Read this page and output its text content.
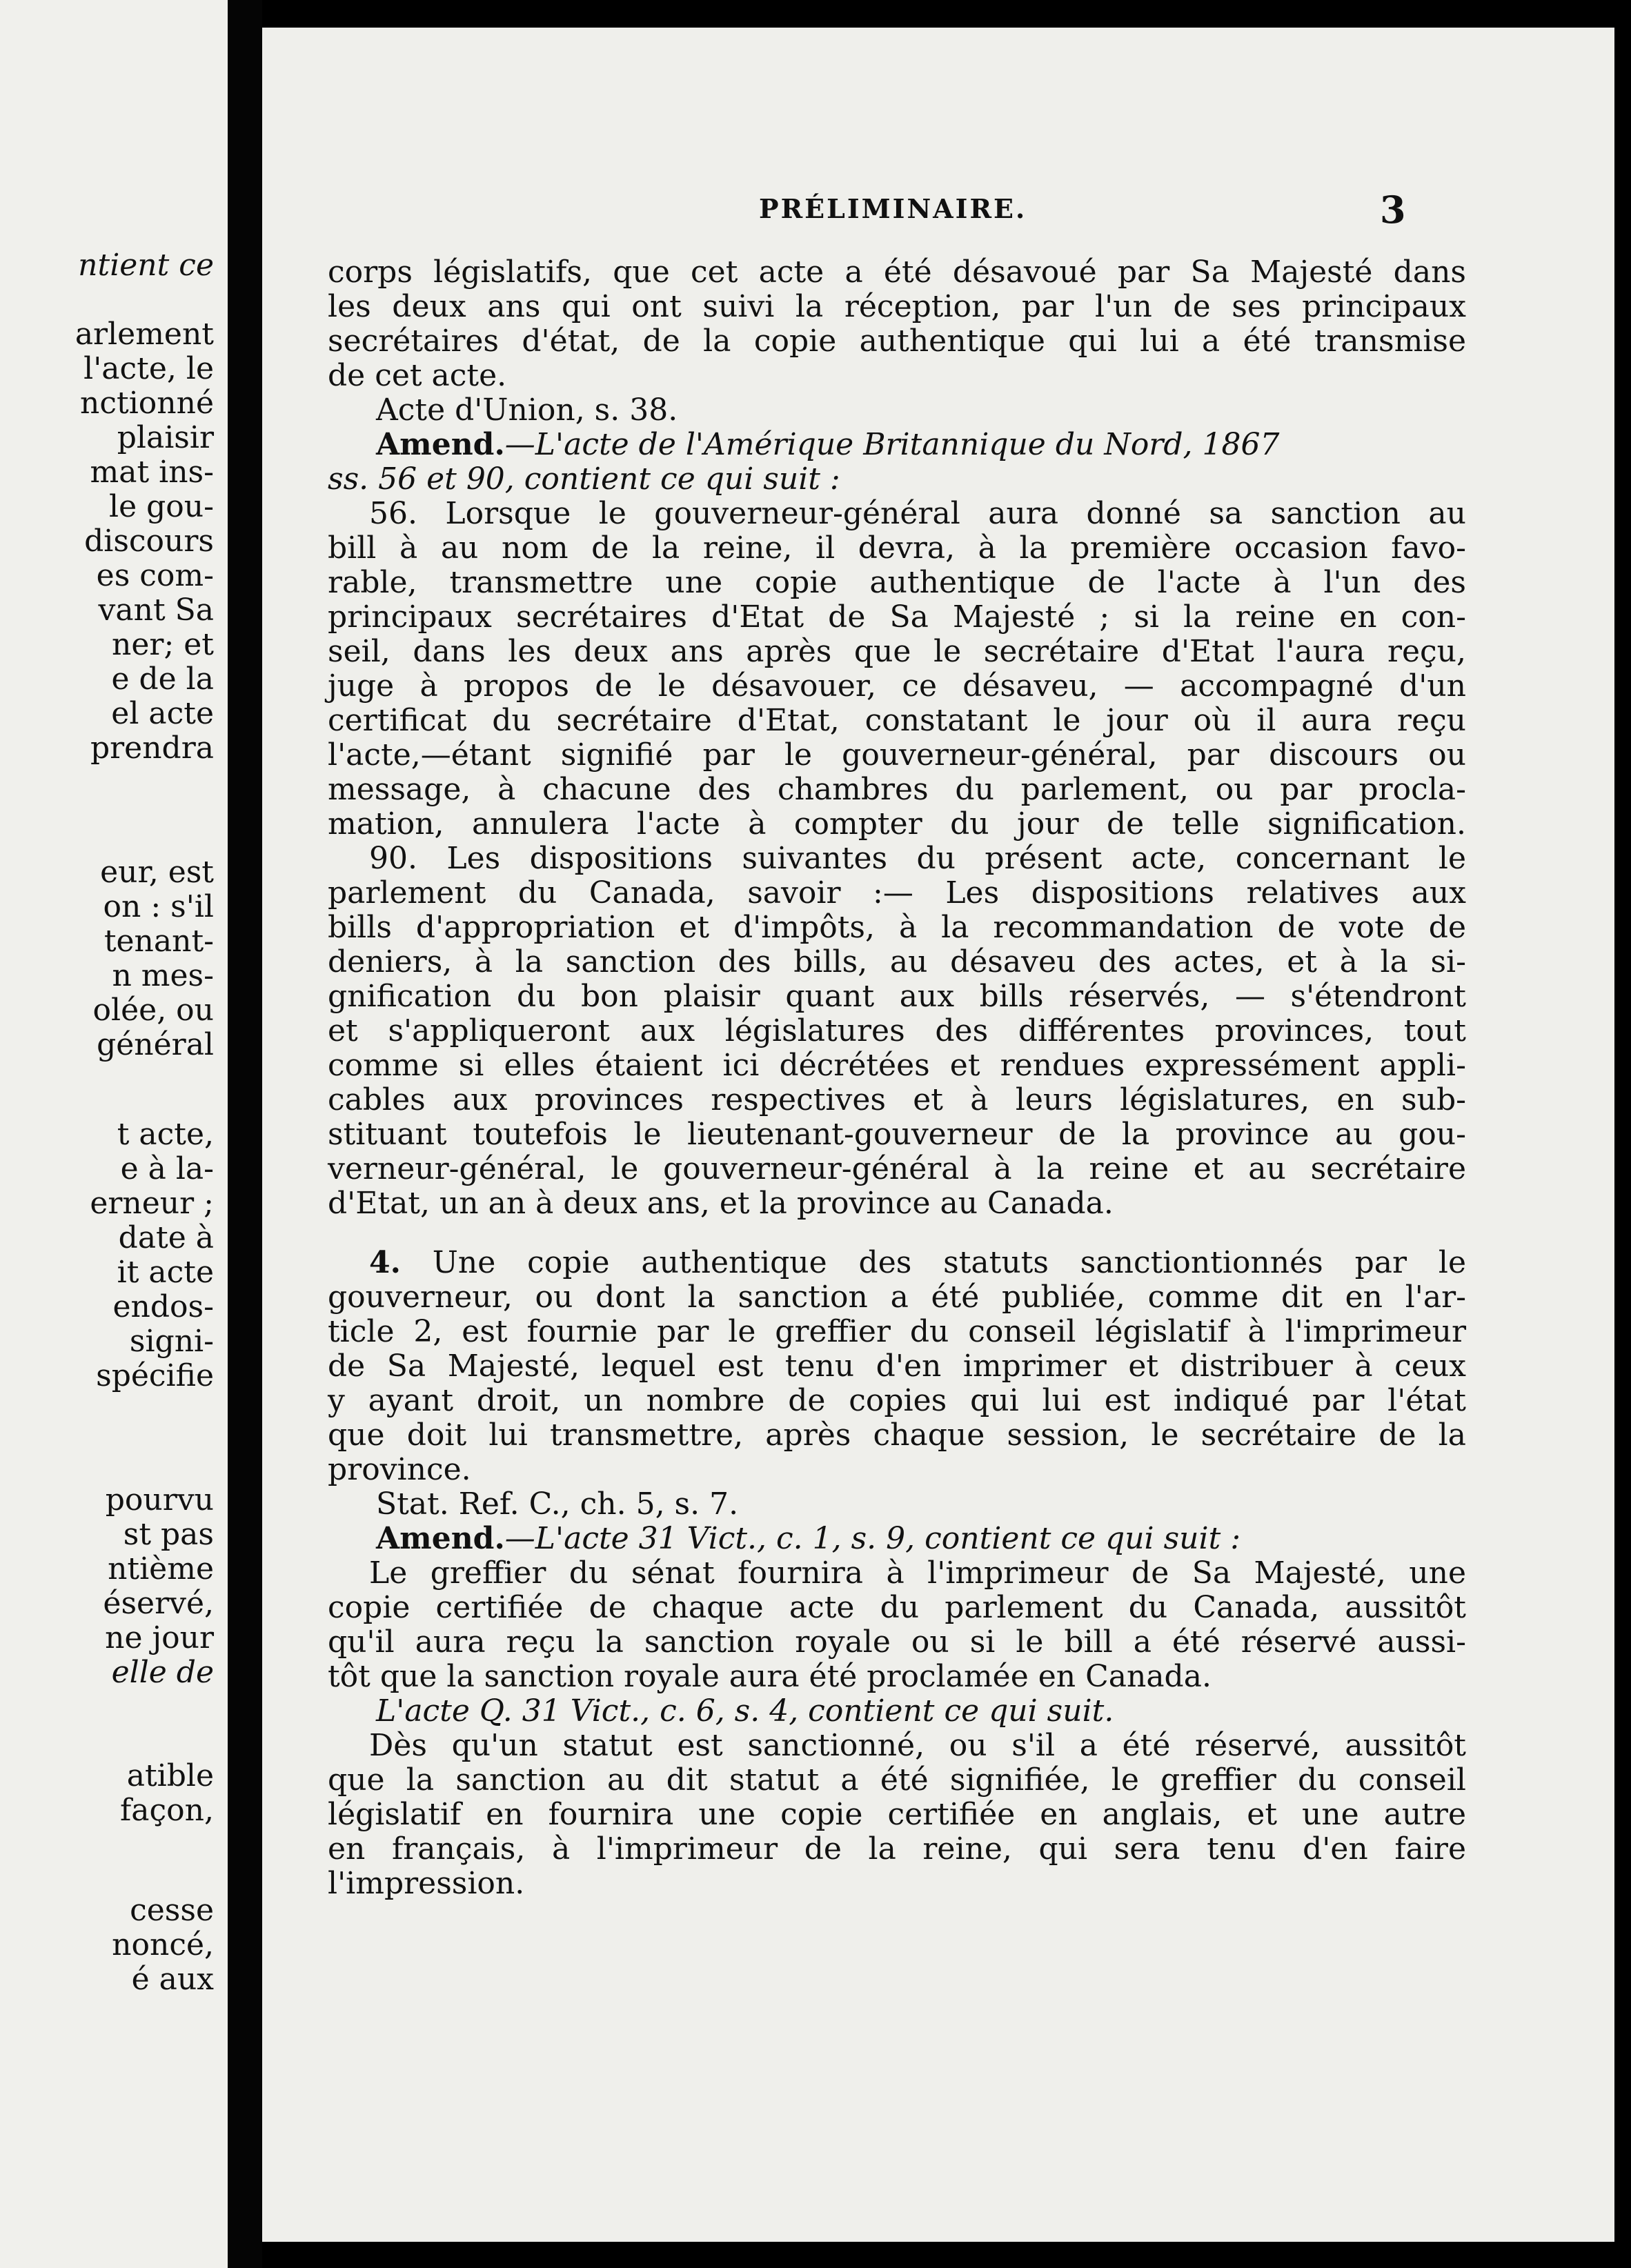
ntient ce
arlement
l'acte, le
nctionné
plaisir
mat ins-
le gou-
discours
es com-
vant Sa
ner; et
e de la
el acte
prendra
eur, est
on : s'il
tenant-
n mes-
olée, ou
général
t acte,
e à la-
erneur ;
date à
it acte
endos-
signi-
spécifie
pourvu
st pas
ntième
éservé,
ne jour
elle de
atible
façon,
cesse
noncé,
é aux
PRÉLIMINAIRE.	3
corps législatifs, que cet acte a été désavoué par Sa Majesté dans
les deux ans qui ont suivi la réception, par l'un de ses principaux
secrétaires d'état, de la copie authentique qui lui a été transmise
de cet acte.
Acte d'Union, s. 38.
Amend.—L'acte de l'Amérique Britannique du Nord, 1867
ss. 56 et 90, contient ce qui suit :
56. Lorsque le gouverneur-général aura donné sa sanction au
bill à au nom de la reine, il devra, à la première occasion favo-
rable, transmettre une copie authentique de l'acte à l'un des
principaux secrétaires d'Etat de Sa Majesté ; si la reine en con-
seil, dans les deux ans après que le secrétaire d'Etat l'aura reçu,
juge à propos de le désavouer, ce désaveu, — accompagné d'un
certificat du secrétaire d'Etat, constatant le jour où il aura reçu
l'acte,—étant signifié par le gouverneur-général, par discours ou
message, à chacune des chambres du parlement, ou par procla-
mation, annulera l'acte à compter du jour de telle signification.
90. Les dispositions suivantes du présent acte, concernant le
parlement du Canada, savoir :— Les dispositions relatives aux
bills d'appropriation et d'impôts, à la recommandation de vote de
deniers, à la sanction des bills, au désaveu des actes, et à la si-
gnification du bon plaisir quant aux bills réservés, — s'étendront
et s'appliqueront aux législatures des différentes provinces, tout
comme si elles étaient ici décrétées et rendues expressément appli-
cables aux provinces respectives et à leurs législatures, en sub-
stituant toutefois le lieutenant-gouverneur de la province au gou-
verneur-général, le gouverneur-général à la reine et au secrétaire
d'Etat, un an à deux ans, et la province au Canada.
4. Une copie authentique des statuts sanctiontionnés par le
gouverneur, ou dont la sanction a été publiée, comme dit en l'ar-
ticle 2, est fournie par le greffier du conseil législatif à l'imprimeur
de Sa Majesté, lequel est tenu d'en imprimer et distribuer à ceux
y ayant droit, un nombre de copies qui lui est indiqué par l'état
que doit lui transmettre, après chaque session, le secrétaire de la
province.
Stat. Ref. C., ch. 5, s. 7.
Amend.—L'acte 31 Vict., c. 1, s. 9, contient ce qui suit :
Le greffier du sénat fournira à l'imprimeur de Sa Majesté, une
copie certifiée de chaque acte du parlement du Canada, aussitôt
qu'il aura reçu la sanction royale ou si le bill a été réservé aussi-
tôt que la sanction royale aura été proclamée en Canada.
L'acte Q. 31 Vict., c. 6, s. 4, contient ce qui suit.
Dès qu'un statut est sanctionné, ou s'il a été réservé, aussitôt
que la sanction au dit statut a été signifiée, le greffier du conseil
législatif en fournira une copie certifiée en anglais, et une autre
en français, à l'imprimeur de la reine, qui sera tenu d'en faire
l'impression.
